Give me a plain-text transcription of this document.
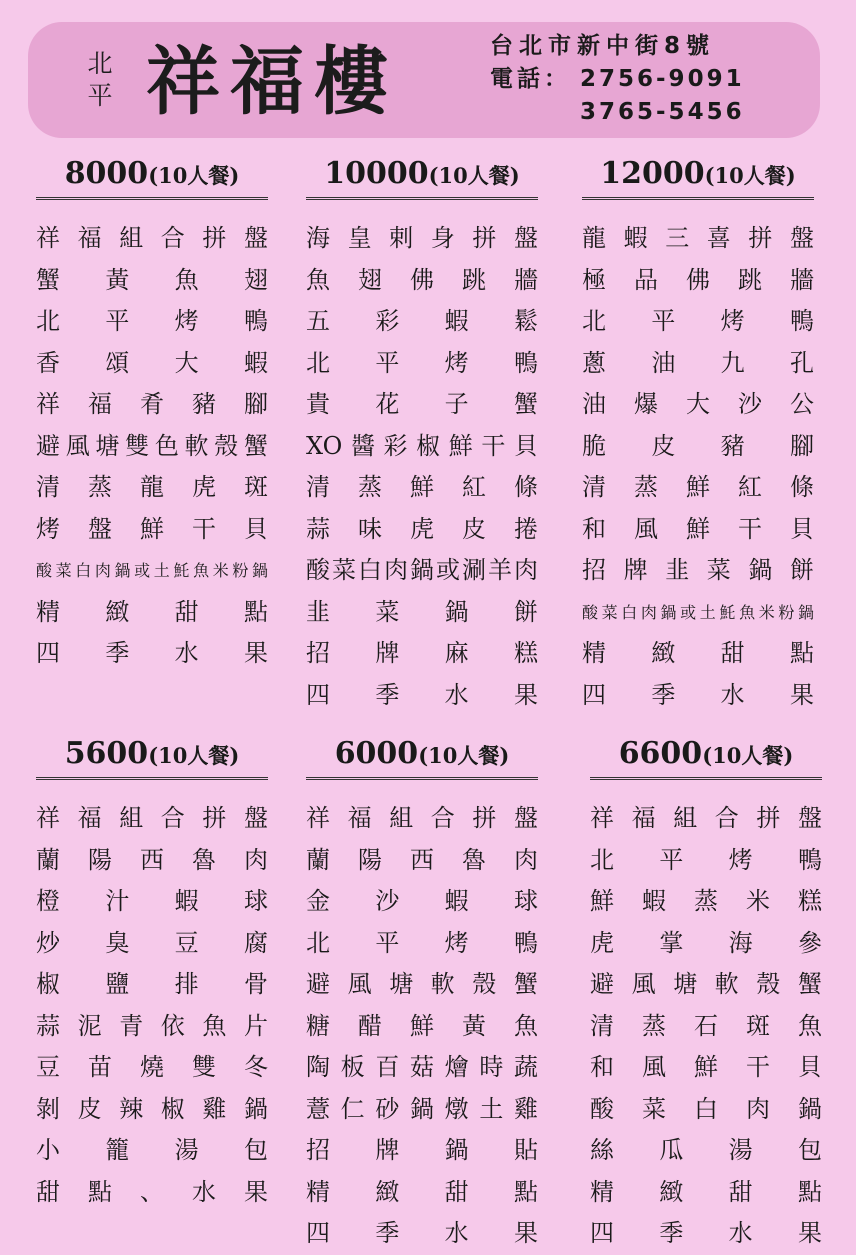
北平 祥福樓	台北市新中街8號
電話： 2756-9091
3765-5456
8000(10人餐)
祥福組合拼盤
蟹黃魚翅
北平烤鴨
香頌大蝦
祥福肴豬腳
避風塘雙色軟殼蟹
清蒸龍虎斑
烤盤鮮干貝
酸菜白肉鍋或土魠魚米粉鍋
精緻甜點
四季水果
10000(10人餐)
海皇剌身拼盤
魚翅佛跳牆
五彩蝦鬆
北平烤鴨
貴花子蟹
XO醬彩椒鮮干貝
清蒸鮮紅條
蒜味虎皮捲
酸菜白肉鍋或涮羊肉
韭菜鍋餅
招牌麻糕
四季水果
12000(10人餐)
龍蝦三喜拼盤
極品佛跳牆
北平烤鴨
蔥油九孔
油爆大沙公
脆皮豬腳
清蒸鮮紅條
和風鮮干貝
招牌韭菜鍋餅
酸菜白肉鍋或土魠魚米粉鍋
精緻甜點
四季水果
5600(10人餐)
祥福組合拼盤
蘭陽西魯肉
橙汁蝦球
炒臭豆腐
椒鹽排骨
蒜泥青依魚片
豆苗燒雙冬
剝皮辣椒雞鍋
小籠湯包
甜點、水果
6000(10人餐)
祥福組合拼盤
蘭陽西魯肉
金沙蝦球
北平烤鴨
避風塘軟殼蟹
糖醋鮮黃魚
陶板百菇燴時蔬
薏仁砂鍋燉土雞
招牌鍋貼
精緻甜點
四季水果
6600(10人餐)
祥福組合拼盤
北平烤鴨
鮮蝦蒸米糕
虎掌海參
避風塘軟殼蟹
清蒸石斑魚
和風鮮干貝
酸菜白肉鍋
絲瓜湯包
精緻甜點
四季水果
